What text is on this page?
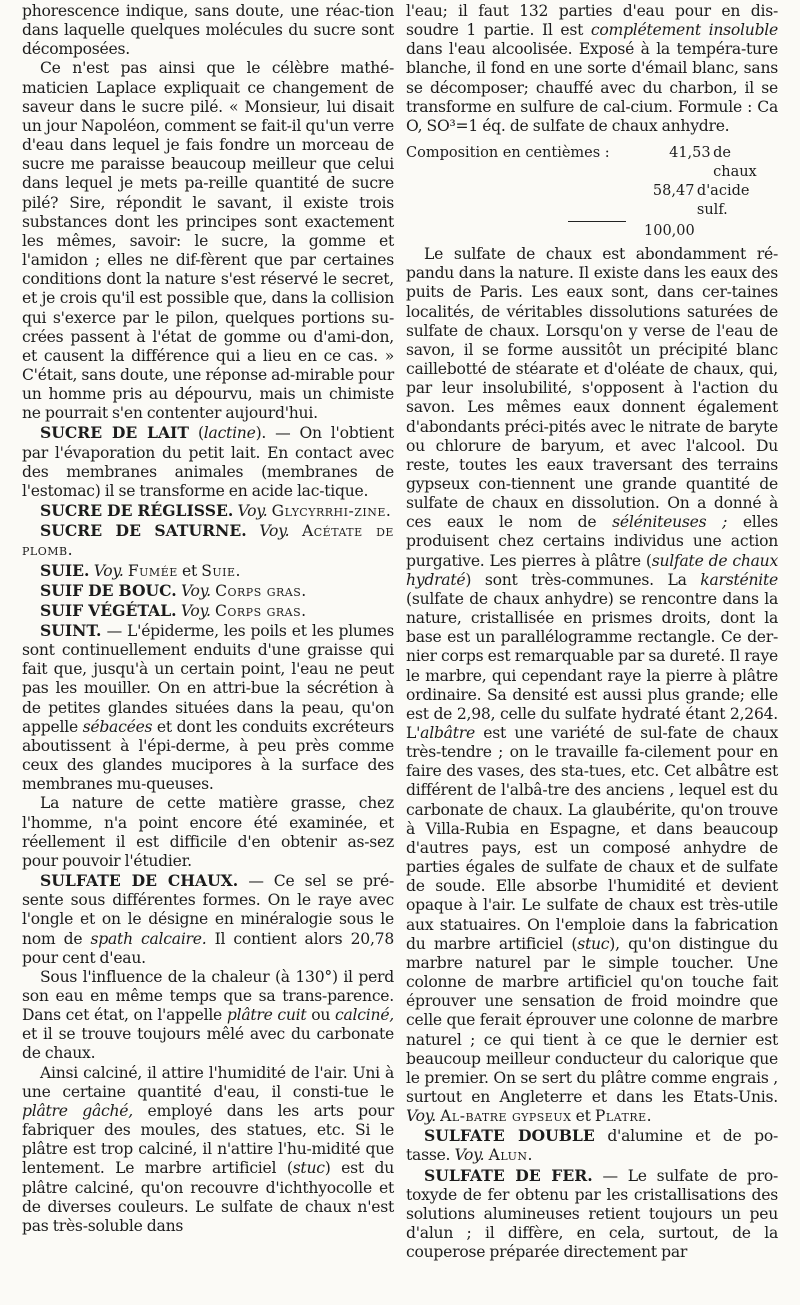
phorescence indique, sans doute, une réac-tion dans laquelle quelques molécules du sucre sont décomposées.

Ce n'est pas ainsi que le célèbre mathé-maticien Laplace expliquait ce changement de saveur dans le sucre pilé. « Monsieur, lui disait un jour Napoléon, comment se fait-il qu'un verre d'eau dans lequel je fais fondre un morceau de sucre me paraisse beaucoup meilleur que celui dans lequel je mets pa-reille quantité de sucre pilé? Sire, répondit le savant, il existe trois substances dont les principes sont exactement les mêmes, savoir: le sucre, la gomme et l'amidon ; elles ne dif-fèrent que par certaines conditions dont la nature s'est réservé le secret, et je crois qu'il est possible que, dans la collision qui s'exerce par le pilon, quelques portions su-crées passent à l'état de gomme ou d'ami-don, et causent la différence qui a lieu en ce cas. » C'était, sans doute, une réponse ad-mirable pour un homme pris au dépourvu, mais un chimiste ne pourrait s'en contenter aujourd'hui.

SUCRE DE LAIT (lactine). — On l'obtient par l'évaporation du petit lait. En contact avec des membranes animales (membranes de l'estomac) il se transforme en acide lac-tique.

SUCRE DE RÉGLISSE. Voy. Glycyrrhi-zine.

SUCRE DE SATURNE. Voy. Acétate de plomb.

SUIE. Voy. Fumée et Suie.

SUIF DE BOUC. Voy. Corps gras.

SUIF VÉGÉTAL. Voy. Corps gras.

SUINT. — L'épiderme, les poils et les plumes sont continuellement enduits d'une graisse qui fait que, jusqu'à un certain point, l'eau ne peut pas les mouiller. On en attri-bue la sécrétion à de petites glandes situées dans la peau, qu'on appelle sébacées et dont les conduits excréteurs aboutissent à l'épi-derme, à peu près comme ceux des glandes mucipores à la surface des membranes mu-queuses.

La nature de cette matière grasse, chez l'homme, n'a point encore été examinée, et réellement il est difficile d'en obtenir as-sez pour pouvoir l'étudier.

SULFATE DE CHAUX. — Ce sel se pré-sente sous différentes formes. On le raye avec l'ongle et on le désigne en minéralogie sous le nom de spath calcaire. Il contient alors 20,78 pour cent d'eau.

Sous l'influence de la chaleur (à 130°) il perd son eau en même temps que sa trans-parence. Dans cet état, on l'appelle plâtre cuit ou calciné, et il se trouve toujours mêlé avec du carbonate de chaux.

Ainsi calciné, il attire l'humidité de l'air. Uni à une certaine quantité d'eau, il consti-tue le plâtre gâché, employé dans les arts pour fabriquer des moules, des statues, etc. Si le plâtre est trop calciné, il n'attire l'hu-midité que lentement. Le marbre artificiel (stuc) est du plâtre calciné, qu'on recouvre d'ichthyocolle et de diverses couleurs. Le sulfate de chaux n'est pas très-soluble dans

l'eau; il faut 132 parties d'eau pour en dis-soudre 1 partie. Il est complétement insoluble dans l'eau alcoolisée. Exposé à la tempéra-ture blanche, il fond en une sorte d'émail blanc, sans se décomposer; chauffé avec du charbon, il se transforme en sulfure de cal-cium. Formule : Ca O, SO³=1 éq. de sulfate de chaux anhydre.

Composition en centièmes :	41,53 de chaux
58,47 d'acide sulf.
100,00

Le sulfate de chaux est abondamment ré-pandu dans la nature. Il existe dans les eaux des puits de Paris. Les eaux sont, dans cer-taines localités, de véritables dissolutions saturées de sulfate de chaux. Lorsqu'on y verse de l'eau de savon, il se forme aussitôt un précipité blanc caillebotté de stéarate et d'oléate de chaux, qui, par leur insolubilité, s'opposent à l'action du savon. Les mêmes eaux donnent également d'abondants préci-pités avec le nitrate de baryte ou chlorure de baryum, et avec l'alcool. Du reste, toutes les eaux traversant des terrains gypseux con-tiennent une grande quantité de sulfate de chaux en dissolution. On a donné à ces eaux le nom de séléniteuses ; elles produisent chez certains individus une action purgative. Les pierres à plâtre (sulfate de chaux hydraté) sont très-communes. La karsténite (sulfate de chaux anhydre) se rencontre dans la nature, cristallisée en prismes droits, dont la base est un parallélogramme rectangle. Ce der-nier corps est remarquable par sa dureté. Il raye le marbre, qui cependant raye la pierre à plâtre ordinaire. Sa densité est aussi plus grande; elle est de 2,98, celle du sulfate hydraté étant 2,264. L'albâtre est une variété de sul-fate de chaux très-tendre ; on le travaille fa-cilement pour en faire des vases, des sta-tues, etc. Cet albâtre est différent de l'albâ-tre des anciens , lequel est du carbonate de chaux. La glaubérite, qu'on trouve à Villa-Rubia en Espagne, et dans beaucoup d'autres pays, est un composé anhydre de parties égales de sulfate de chaux et de sulfate de soude. Elle absorbe l'humidité et devient opaque à l'air. Le sulfate de chaux est très-utile aux statuaires. On l'emploie dans la fabrication du marbre artificiel (stuc), qu'on distingue du marbre naturel par le simple toucher. Une colonne de marbre artificiel qu'on touche fait éprouver une sensation de froid moindre que celle que ferait éprouver une colonne de marbre naturel ; ce qui tient à ce que le dernier est beaucoup meilleur conducteur du calorique que le premier. On se sert du plâtre comme engrais , surtout en Angleterre et dans les Etats-Unis. Voy. Al-batre gypseux et Platre.

SULFATE DOUBLE d'alumine et de po-tasse. Voy. Alun.

SULFATE DE FER. — Le sulfate de pro-toxyde de fer obtenu par les cristallisations des solutions alumineuses retient toujours un peu d'alun ; il diffère, en cela, surtout, de la couperose préparée directement par
